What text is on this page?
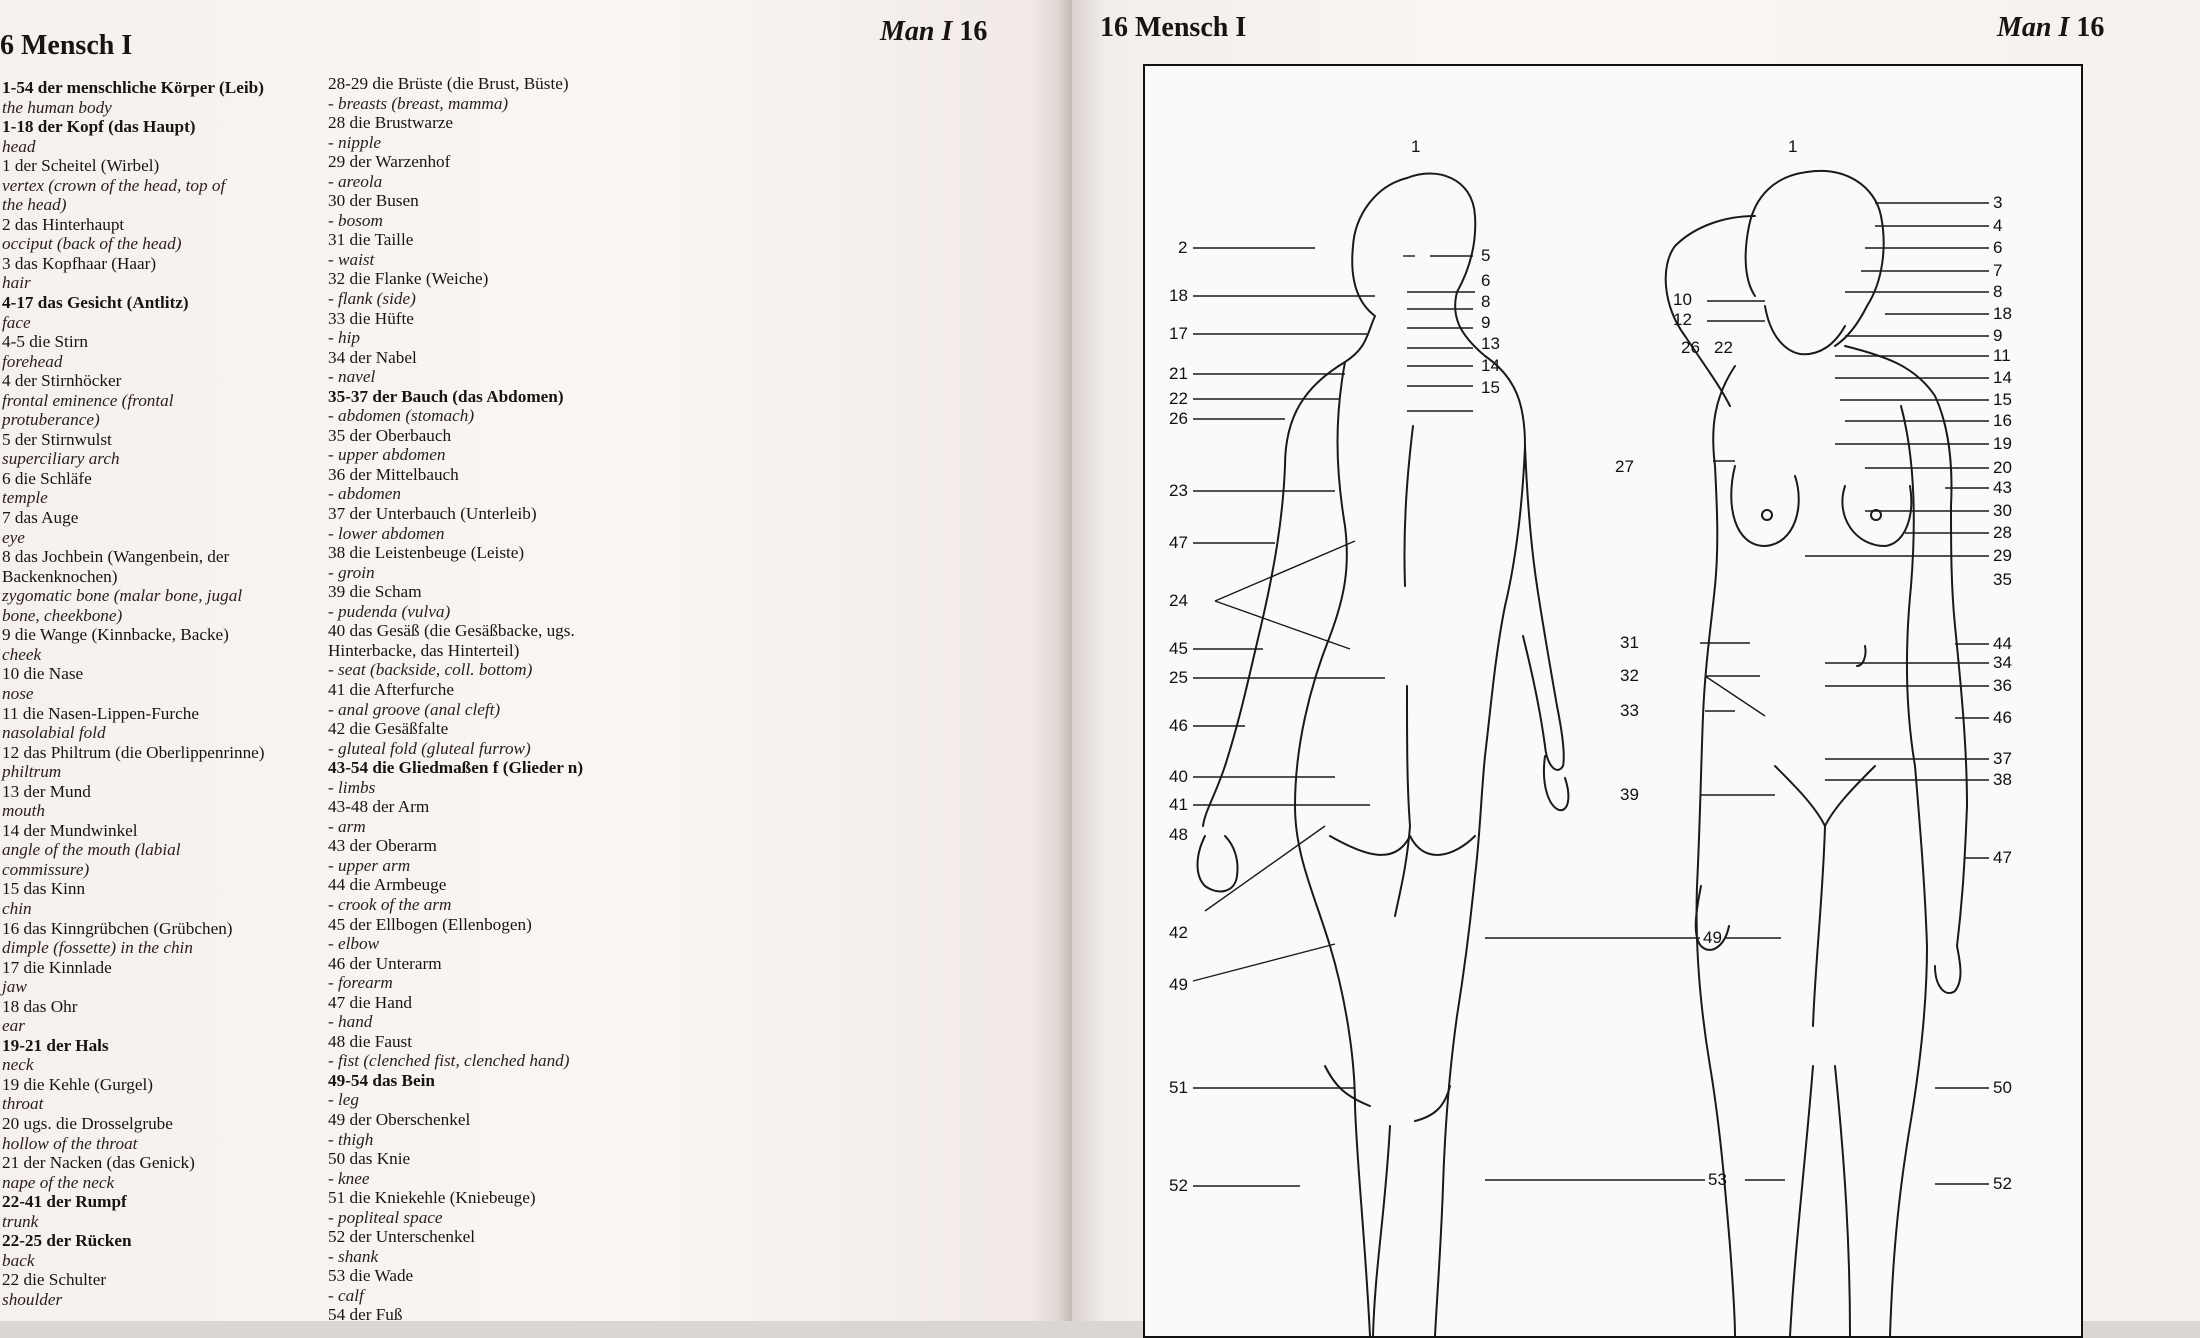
6 Mensch I	Man I 16
1-54 der menschliche Körper (Leib)
the human body
1-18 der Kopf (das Haupt)
head
1 der Scheitel (Wirbel)
vertex (crown of the head, top of
the head)
2 das Hinterhaupt
occiput (back of the head)
3 das Kopfhaar (Haar)
hair
4-17 das Gesicht (Antlitz)
face
4-5 die Stirn
forehead
4 der Stirnhöcker
frontal eminence (frontal
protuberance)
5 der Stirnwulst
superciliary arch
6 die Schläfe
temple
7 das Auge
eye
8 das Jochbein (Wangenbein, der
Backenknochen)
zygomatic bone (malar bone, jugal
bone, cheekbone)
9 die Wange (Kinnbacke, Backe)
cheek
10 die Nase
nose
11 die Nasen-Lippen-Furche
nasolabial fold
12 das Philtrum (die Oberlippenrinne)
philtrum
13 der Mund
mouth
14 der Mundwinkel
angle of the mouth (labial
commissure)
15 das Kinn
chin
16 das Kinngrübchen (Grübchen)
dimple (fossette) in the chin
17 die Kinnlade
jaw
18 das Ohr
ear
19-21 der Hals
neck
19 die Kehle (Gurgel)
throat
20 ugs. die Drosselgrube
hollow of the throat
21 der Nacken (das Genick)
nape of the neck
22-41 der Rumpf
trunk
22-25 der Rücken
back
22 die Schulter
shoulder
28-29 die Brüste (die Brust, Büste)
- breasts (breast, mamma)
28 die Brustwarze
- nipple
29 der Warzenhof
- areola
30 der Busen
- bosom
31 die Taille
- waist
32 die Flanke (Weiche)
- flank (side)
33 die Hüfte
- hip
34 der Nabel
- navel
35-37 der Bauch (das Abdomen)
- abdomen (stomach)
35 der Oberbauch
- upper abdomen
36 der Mittelbauch
- abdomen
37 der Unterbauch (Unterleib)
- lower abdomen
38 die Leistenbeuge (Leiste)
- groin
39 die Scham
- pudenda (vulva)
40 das Gesäß (die Gesäßbacke, ugs.
Hinterbacke, das Hinterteil)
- seat (backside, coll. bottom)
41 die Afterfurche
- anal groove (anal cleft)
42 die Gesäßfalte
- gluteal fold (gluteal furrow)
43-54 die Gliedmaßen f (Glieder n)
- limbs
43-48 der Arm
- arm
43 der Oberarm
- upper arm
44 die Armbeuge
- crook of the arm
45 der Ellbogen (Ellenbogen)
- elbow
46 der Unterarm
- forearm
47 die Hand
- hand
48 die Faust
- fist (clenched fist, clenched hand)
49-54 das Bein
- leg
49 der Oberschenkel
- thigh
50 das Knie
- knee
51 die Kniekehle (Kniebeuge)
- popliteal space
52 der Unterschenkel
- shank
53 die Wade
- calf
54 der Fuß
16 Mensch I	Man I 16
1	1
2
18
17
21
22
26
23
47
24
45
25
46
40
41
48
42
49
51
52
5
6
8
9
13
14
15
10
12
26 22
27
31
32
33
39
49
53
3
4
6
7
8
18
9
11
14
15
16
19
20
43
30
28
29
35
44
34
36
46
37
38
47
50
52
